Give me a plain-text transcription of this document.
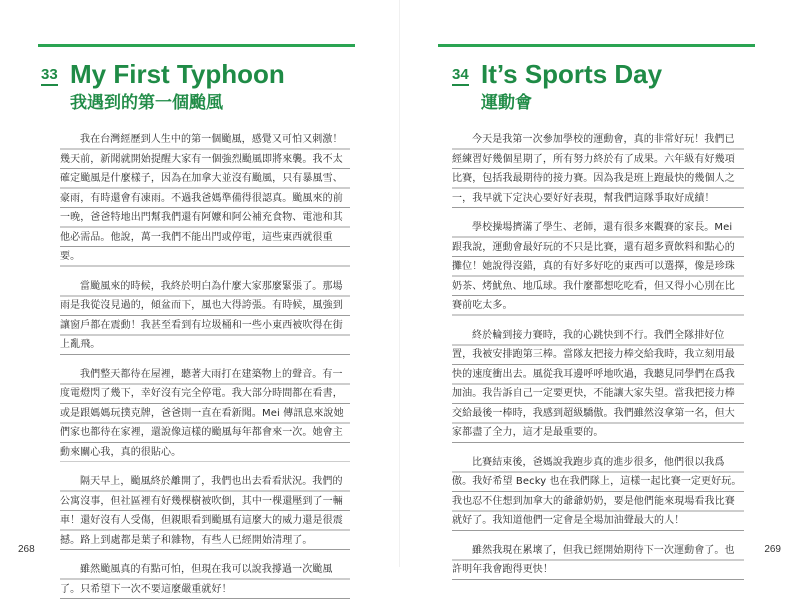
33 My First Typhoon
我遇到的第一個颱風

我在台灣經歷到人生中的第一個颱風，感覺又可怕又刺激！幾天前，新聞就開始提醒大家有一個強烈颱風即將來襲。我不太確定颱風是什麼樣子，因為在加拿大並沒有颱風，只有暴風雪、豪雨，有時還會有凍雨。不過我爸媽準備得很認真。颱風來的前一晚，爸爸特地出門幫我們還有阿嬤和阿公補充食物、電池和其他必需品。他說，萬一我們不能出門或停電，這些東西就很重要。

當颱風來的時候，我終於明白為什麼大家那麼緊張了。那場雨是我從沒見過的，傾盆而下，風也大得誇張。有時候，風強到讓窗戶都在震動！我甚至看到有垃圾桶和一些小東西被吹得在街上亂飛。

我們整天都待在屋裡，聽著大雨打在建築物上的聲音。有一度電燈閃了幾下，幸好沒有完全停電。我大部分時間都在看書，或是跟媽媽玩撲克牌，爸爸則一直在看新聞。Mei 傳訊息來說她們家也都待在家裡，還說像這樣的颱風每年都會來一次。她會主動來關心我，真的很貼心。

隔天早上，颱風終於離開了，我們也出去看看狀況。我們的公寓沒事，但社區裡有好幾棵樹被吹倒，其中一棵還壓到了一輛車！還好沒有人受傷，但親眼看到颱風有這麼大的威力還是很震撼。路上到處都是葉子和雜物，有些人已經開始清理了。

雖然颱風真的有點可怕，但現在我可以說我撐過一次颱風了。只希望下一次不要這麼嚴重就好！

268
34 It’s Sports Day
運動會

今天是我第一次參加學校的運動會，真的非常好玩！我們已經練習好幾個星期了，所有努力終於有了成果。六年級有好幾項比賽，包括我最期待的接力賽。因為我是班上跑最快的幾個人之一，我早就下定決心要好好表現，幫我們這隊爭取好成績！

學校操場擠滿了學生、老師，還有很多來觀賽的家長。Mei 跟我說，運動會最好玩的不只是比賽，還有超多賣飲料和點心的攤位！她說得沒錯，真的有好多好吃的東西可以選擇，像是珍珠奶茶、烤魷魚、地瓜球。我什麼都想吃吃看，但又得小心別在比賽前吃太多。

終於輪到接力賽時，我的心跳快到不行。我們全隊排好位置，我被安排跑第三棒。當隊友把接力棒交給我時，我立刻用最快的速度衝出去。風從我耳邊呼呼地吹過，我聽見同學們在爲我加油。我告訴自己一定要更快，不能讓大家失望。當我把接力棒交給最後一棒時，我感到超級驕傲。我們雖然沒拿第一名，但大家都盡了全力，這才是最重要的。

比賽結束後，爸媽說我跑步真的進步很多，他們很以我爲傲。我好希望 Becky 也在我們隊上，這樣一起比賽一定更好玩。我也忍不住想到加拿大的爺爺奶奶，要是他們能來現場看我比賽就好了。我知道他們一定會是全場加油聲最大的人！

雖然我現在累壞了，但我已經開始期待下一次運動會了。也許明年我會跑得更快！

269
